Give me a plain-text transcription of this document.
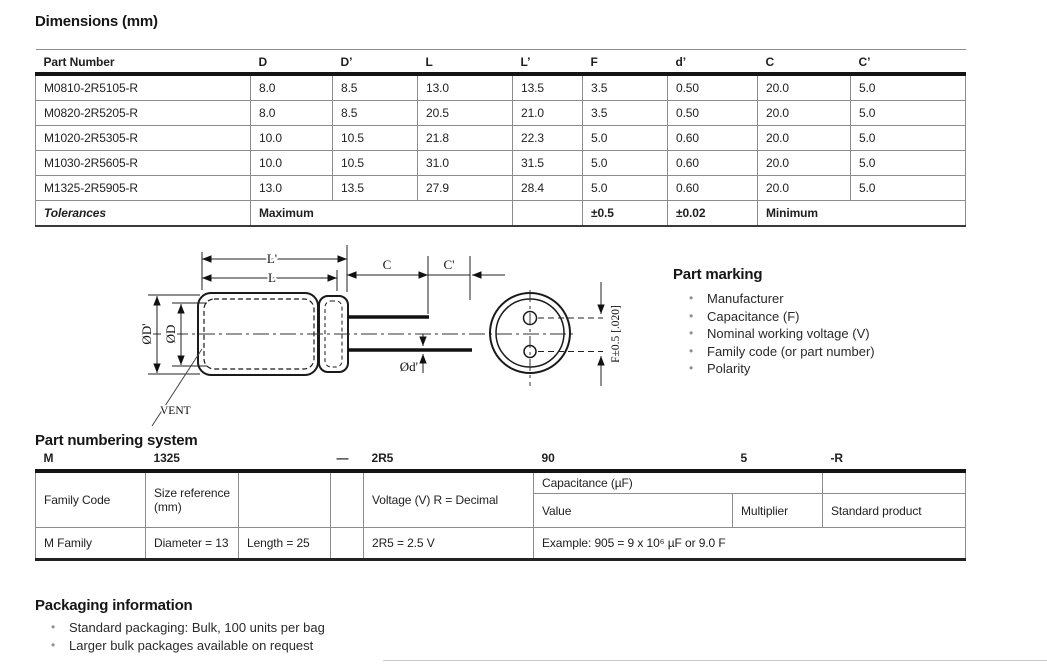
Dimensions (mm)
Part Number	D	D’	L	L’	F	d’	C	C’
M0810-2R5105-R	8.0	8.5	13.0	13.5	3.5	0.50	20.0	5.0
M0820-2R5205-R	8.0	8.5	20.5	21.0	3.5	0.50	20.0	5.0
M1020-2R5305-R	10.0	10.5	21.8	22.3	5.0	0.60	20.0	5.0
M1030-2R5605-R	10.0	10.5	31.0	31.5	5.0	0.60	20.0	5.0
M1325-2R5905-R	13.0	13.5	27.9	28.4	5.0	0.60	20.0	5.0
Tolerances	Maximum				±0.5	±0.02	Minimum	
L'
L
C	C'
ØD' ØD
Ød'
F±0.5 [.020]
VENT
Part marking
• Manufacturer
• Capacitance (F)
• Nominal working voltage (V)
• Family code (or part number)
• Polarity
Part numbering system
M	1325		—	2R5	90	5	-R
Family Code	Size reference (mm)			Voltage (V) R = Decimal	Capacitance (µF)		
					Value	Multiplier	Standard product
M Family	Diameter = 13	Length = 25		2R5 = 2.5 V	Example: 905 = 9 x 10⁶ µF or 9.0 F		
Packaging information
• Standard packaging: Bulk, 100 units per bag
• Larger bulk packages available on request
